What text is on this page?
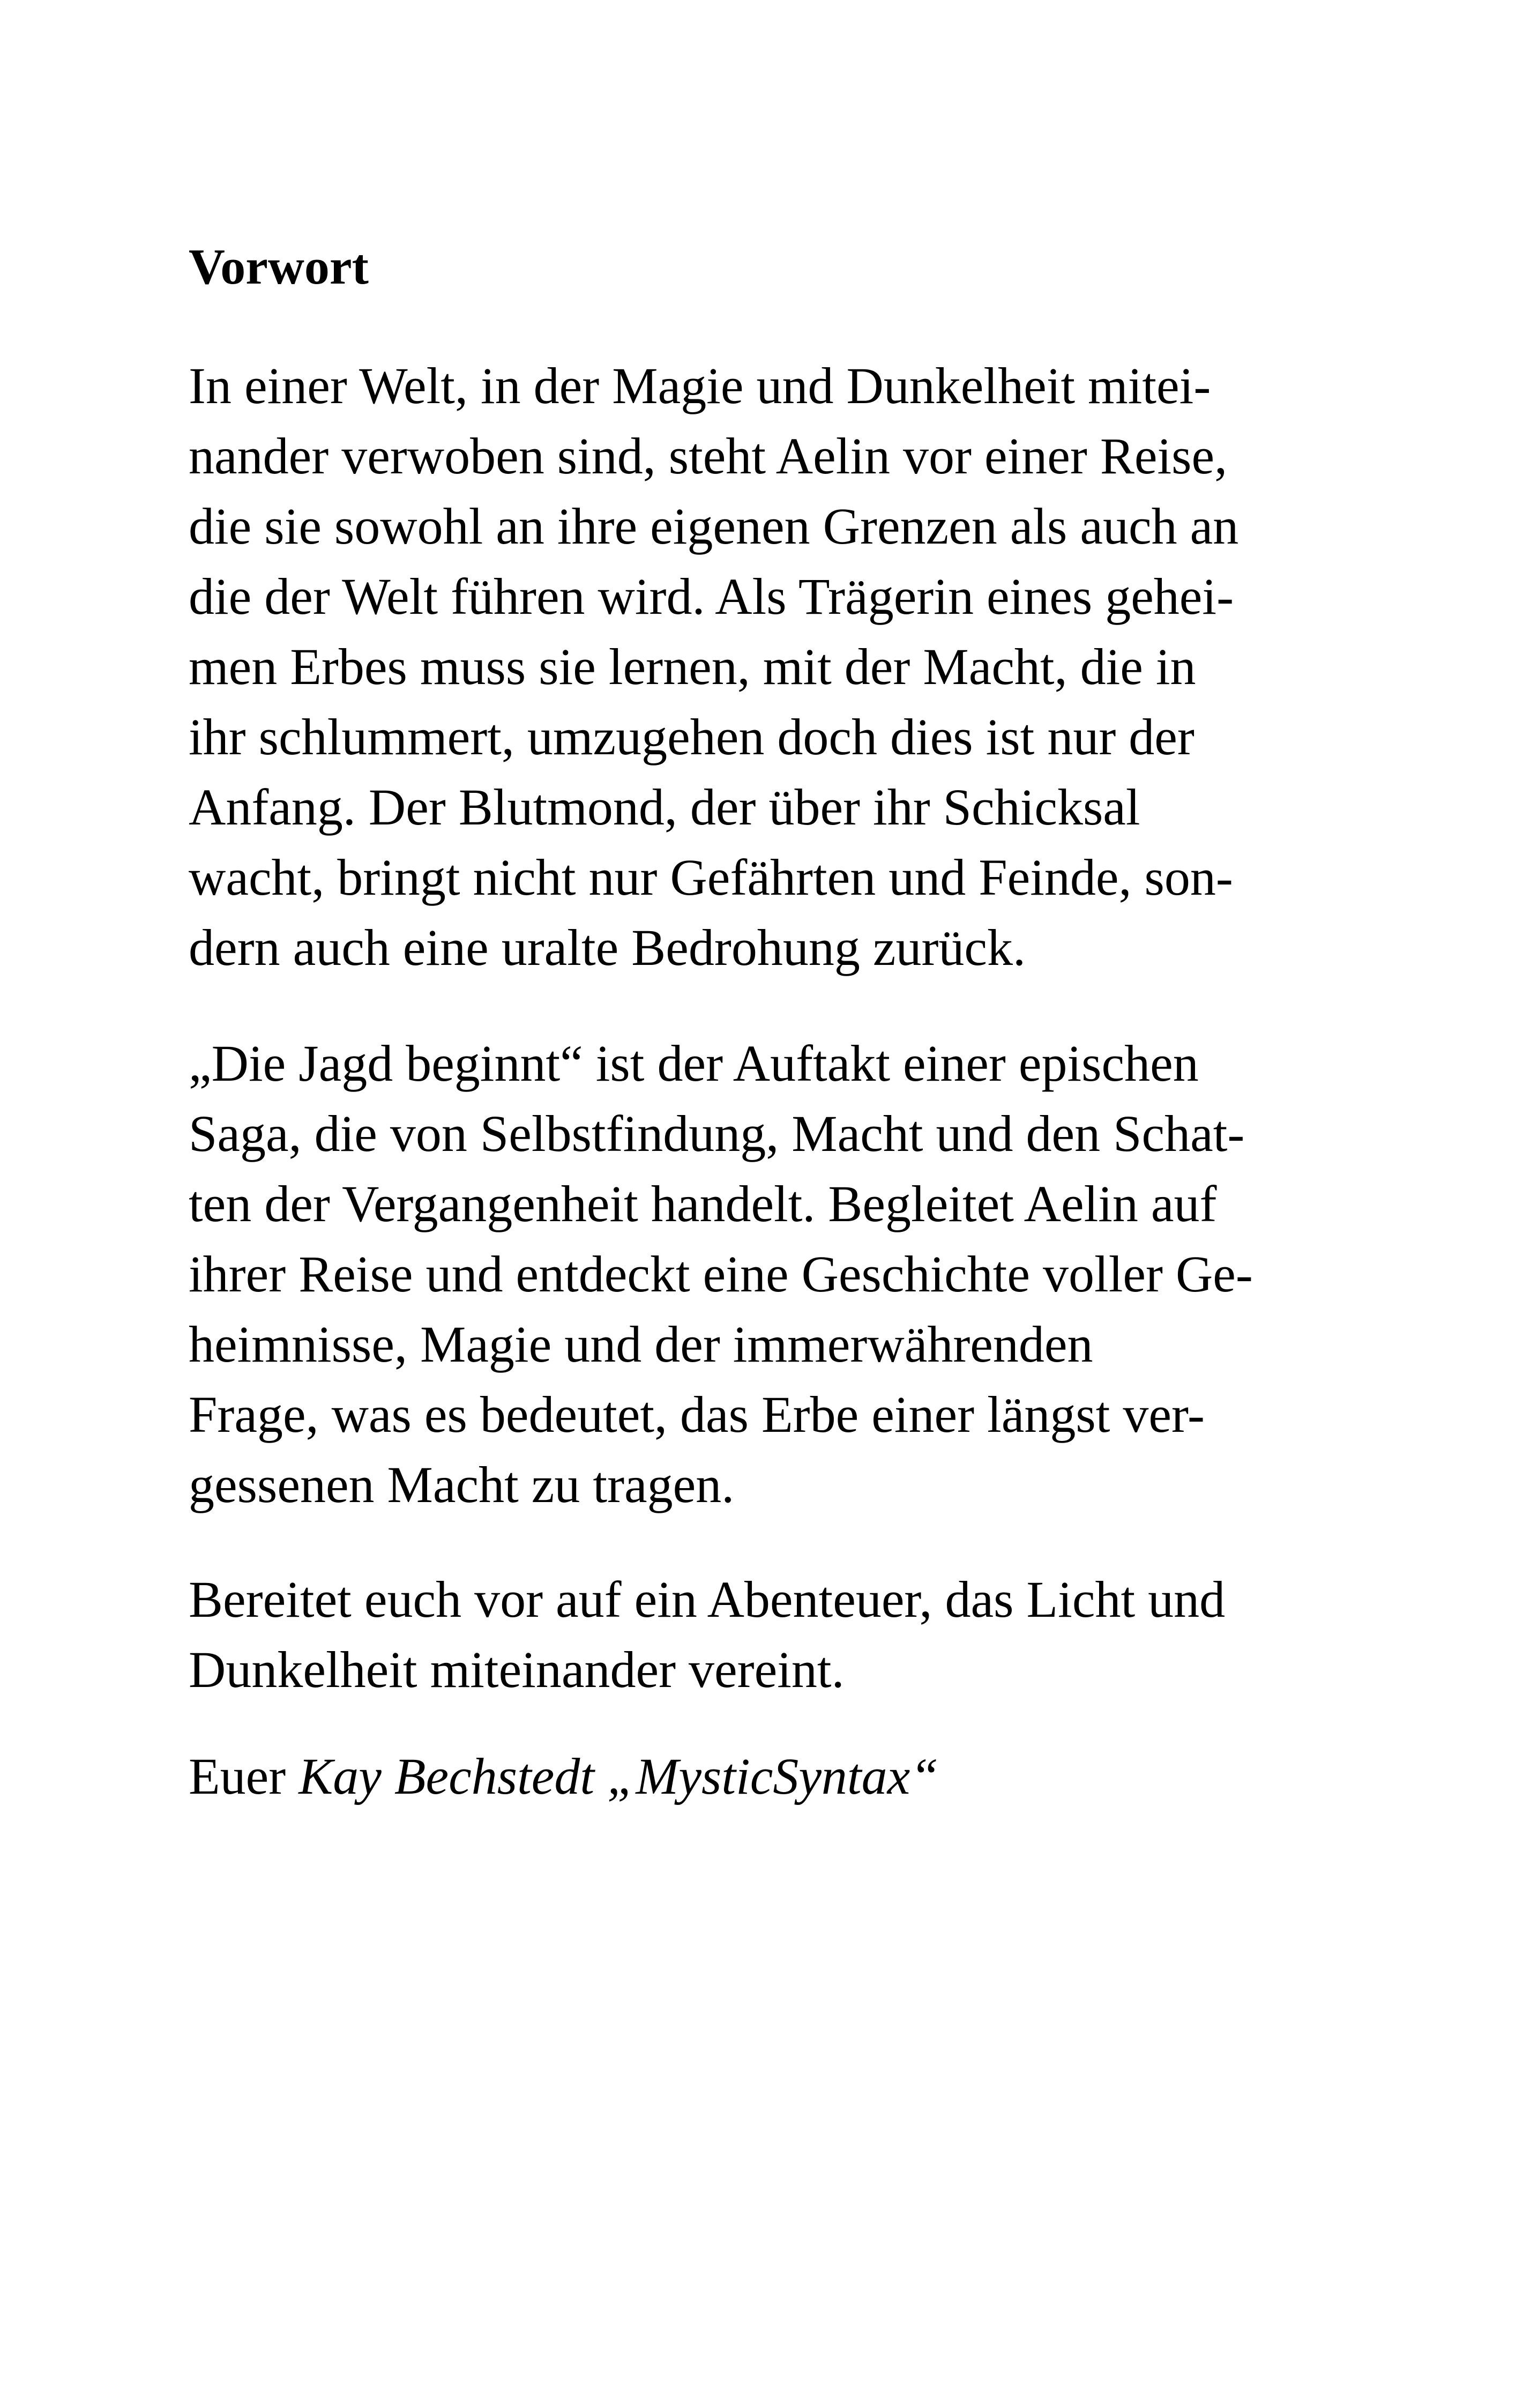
Vorwort

In einer Welt, in der Magie und Dunkelheit mitei-
nander verwoben sind, steht Aelin vor einer Reise,
die sie sowohl an ihre eigenen Grenzen als auch an
die der Welt führen wird. Als Trägerin eines gehei-
men Erbes muss sie lernen, mit der Macht, die in
ihr schlummert, umzugehen doch dies ist nur der
Anfang. Der Blutmond, der über ihr Schicksal
wacht, bringt nicht nur Gefährten und Feinde, son-
dern auch eine uralte Bedrohung zurück.

„Die Jagd beginnt“ ist der Auftakt einer epischen
Saga, die von Selbstfindung, Macht und den Schat-
ten der Vergangenheit handelt. Begleitet Aelin auf
ihrer Reise und entdeckt eine Geschichte voller Ge-
heimnisse, Magie und der immerwährenden
Frage, was es bedeutet, das Erbe einer längst ver-
gessenen Macht zu tragen.

Bereitet euch vor auf ein Abenteuer, das Licht und
Dunkelheit miteinander vereint.

Euer Kay Bechstedt „MysticSyntax“
